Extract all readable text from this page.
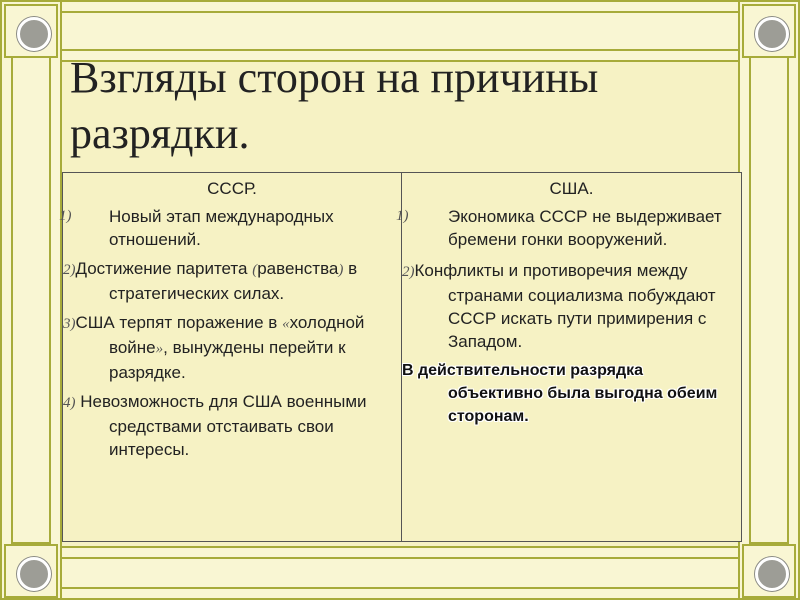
Взгляды сторон на причины разрядки.
СССР.
1) Новый этап международных отношений.
2)Достижение паритета (равенства) в стратегических силах.
3)США терпят поражение в «холодной войне», вынуждены перейти к разрядке.
4) Невозможность для США военными средствами отстаивать свои интересы.
США.
1) Экономика СССР не выдерживает бремени гонки вооружений.
2)Конфликты и противоречия между странами социализма побуждают СССР искать пути примирения с Западом.
В действительности разрядка объективно была выгодна обеим сторонам.
